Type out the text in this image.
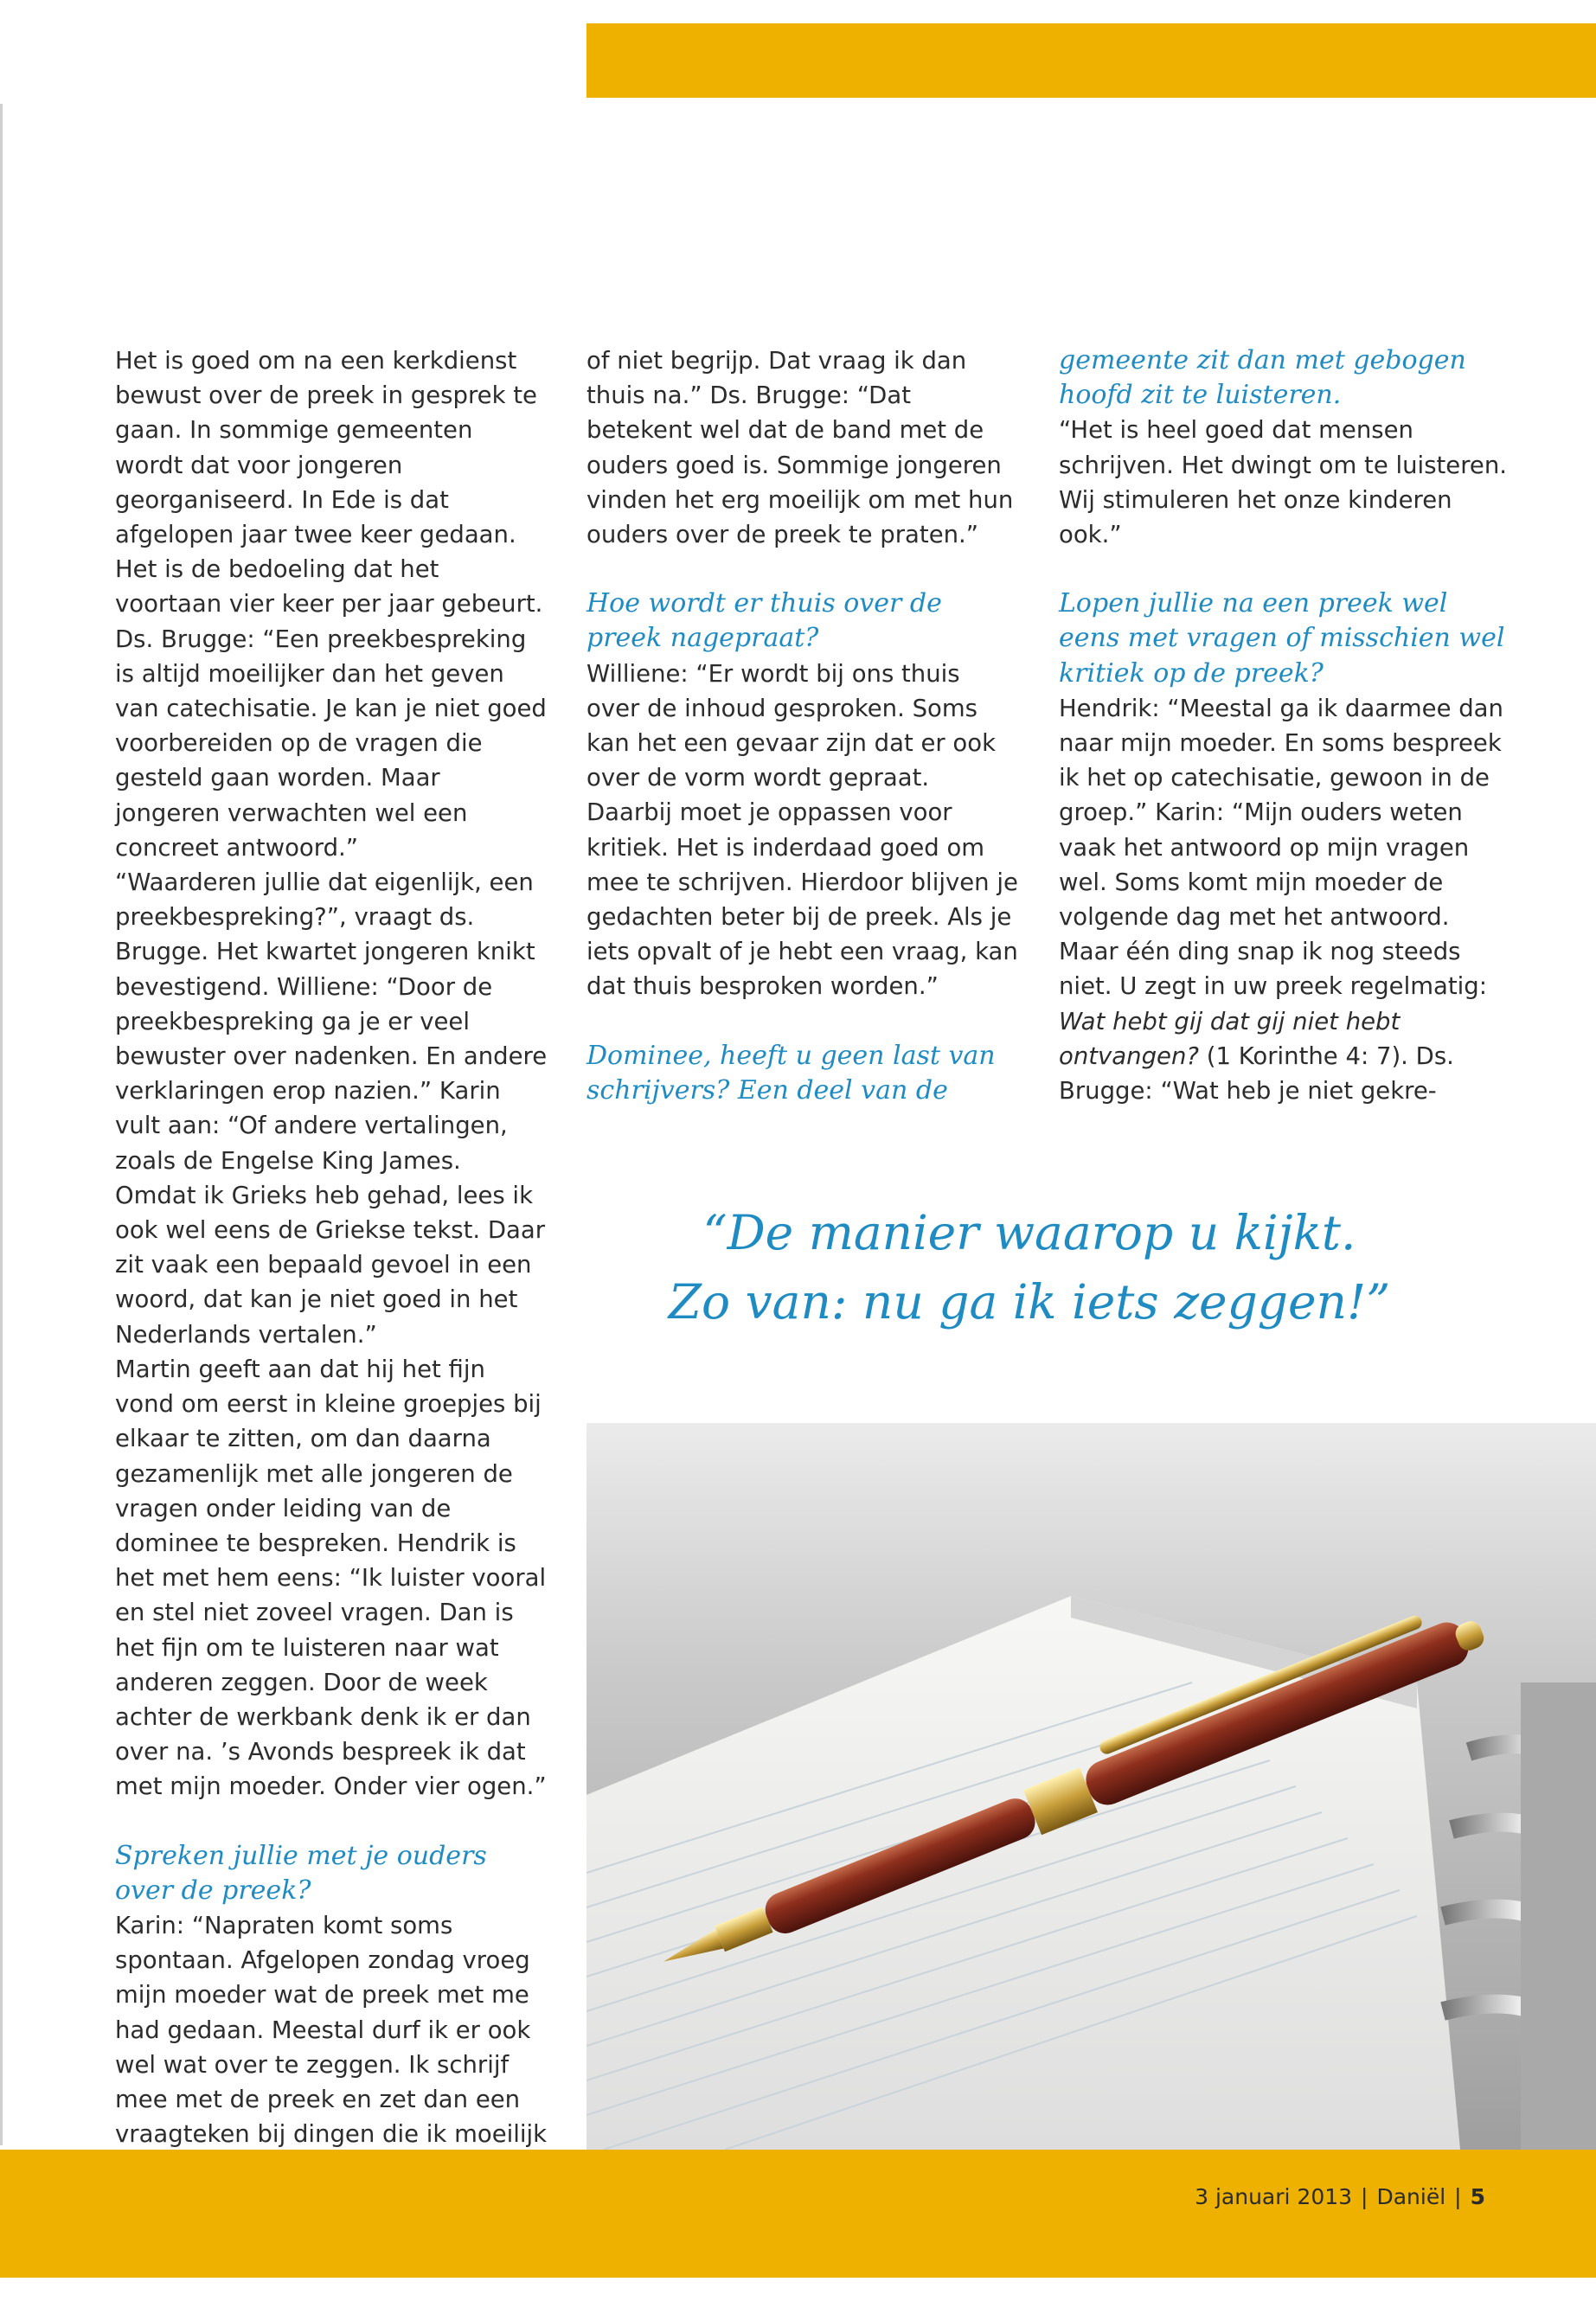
Het is goed om na een kerkdienst bewust over de preek in gesprek te gaan. In sommige gemeenten wordt dat voor jongeren georganiseerd. In Ede is dat afgelopen jaar twee keer gedaan. Het is de bedoeling dat het voortaan vier keer per jaar gebeurt. Ds. Brugge: “Een preekbespreking is altijd moeilijker dan het geven van catechisatie. Je kan je niet goed voorbereiden op de vragen die gesteld gaan worden. Maar jongeren verwachten wel een concreet antwoord.”

“Waarderen jullie dat eigenlijk, een preekbespreking?”, vraagt ds. Brugge. Het kwartet jongeren knikt bevestigend. Williene: “Door de preekbespreking ga je er veel bewuster over nadenken. En andere verklaringen erop nazien.” Karin vult aan: “Of andere vertalingen, zoals de Engelse King James. Omdat ik Grieks heb gehad, lees ik ook wel eens de Griekse tekst. Daar zit vaak een bepaald gevoel in een woord, dat kan je niet goed in het Nederlands vertalen.”

Martin geeft aan dat hij het fijn vond om eerst in kleine groepjes bij elkaar te zitten, om dan daarna gezamenlijk met alle jongeren de vragen onder leiding van de dominee te bespreken. Hendrik is het met hem eens: “Ik luister vooral en stel niet zoveel vragen. Dan is het fijn om te luisteren naar wat anderen zeggen. Door de week achter de werkbank denk ik er dan over na. ’s Avonds bespreek ik dat met mijn moeder. Onder vier ogen.”

Spreken jullie met je ouders over de preek?

Karin: “Napraten komt soms spontaan. Afgelopen zondag vroeg mijn moeder wat de preek met me had gedaan. Meestal durf ik er ook wel wat over te zeggen. Ik schrijf mee met de preek en zet dan een vraagteken bij dingen die ik moeilijk

of niet begrijp. Dat vraag ik dan thuis na.” Ds. Brugge: “Dat betekent wel dat de band met de ouders goed is. Sommige jongeren vinden het erg moeilijk om met hun ouders over de preek te praten.”

Hoe wordt er thuis over de preek nagepraat?

Williene: “Er wordt bij ons thuis over de inhoud gesproken. Soms kan het een gevaar zijn dat er ook over de vorm wordt gepraat. Daarbij moet je oppassen voor kritiek. Het is inderdaad goed om mee te schrijven. Hierdoor blijven je gedachten beter bij de preek. Als je iets opvalt of je hebt een vraag, kan dat thuis besproken worden.”

Dominee, heeft u geen last van schrijvers? Een deel van de

gemeente zit dan met gebogen hoofd zit te luisteren.

“Het is heel goed dat mensen schrijven. Het dwingt om te luisteren. Wij stimuleren het onze kinderen ook.”

Lopen jullie na een preek wel eens met vragen of misschien wel kritiek op de preek?

Hendrik: “Meestal ga ik daarmee dan naar mijn moeder. En soms bespreek ik het op catechisatie, gewoon in de groep.” Karin: “Mijn ouders weten vaak het antwoord op mijn vragen wel. Soms komt mijn moeder de volgende dag met het antwoord. Maar één ding snap ik nog steeds niet. U zegt in uw preek regelmatig: Wat hebt gij dat gij niet hebt ontvangen? (1 Korinthe 4: 7). Ds. Brugge: “Wat heb je niet gekre-

“De manier waarop u kijkt.
Zo van: nu ga ik iets zeggen!”
3 januari 2013 | Daniël | 5
